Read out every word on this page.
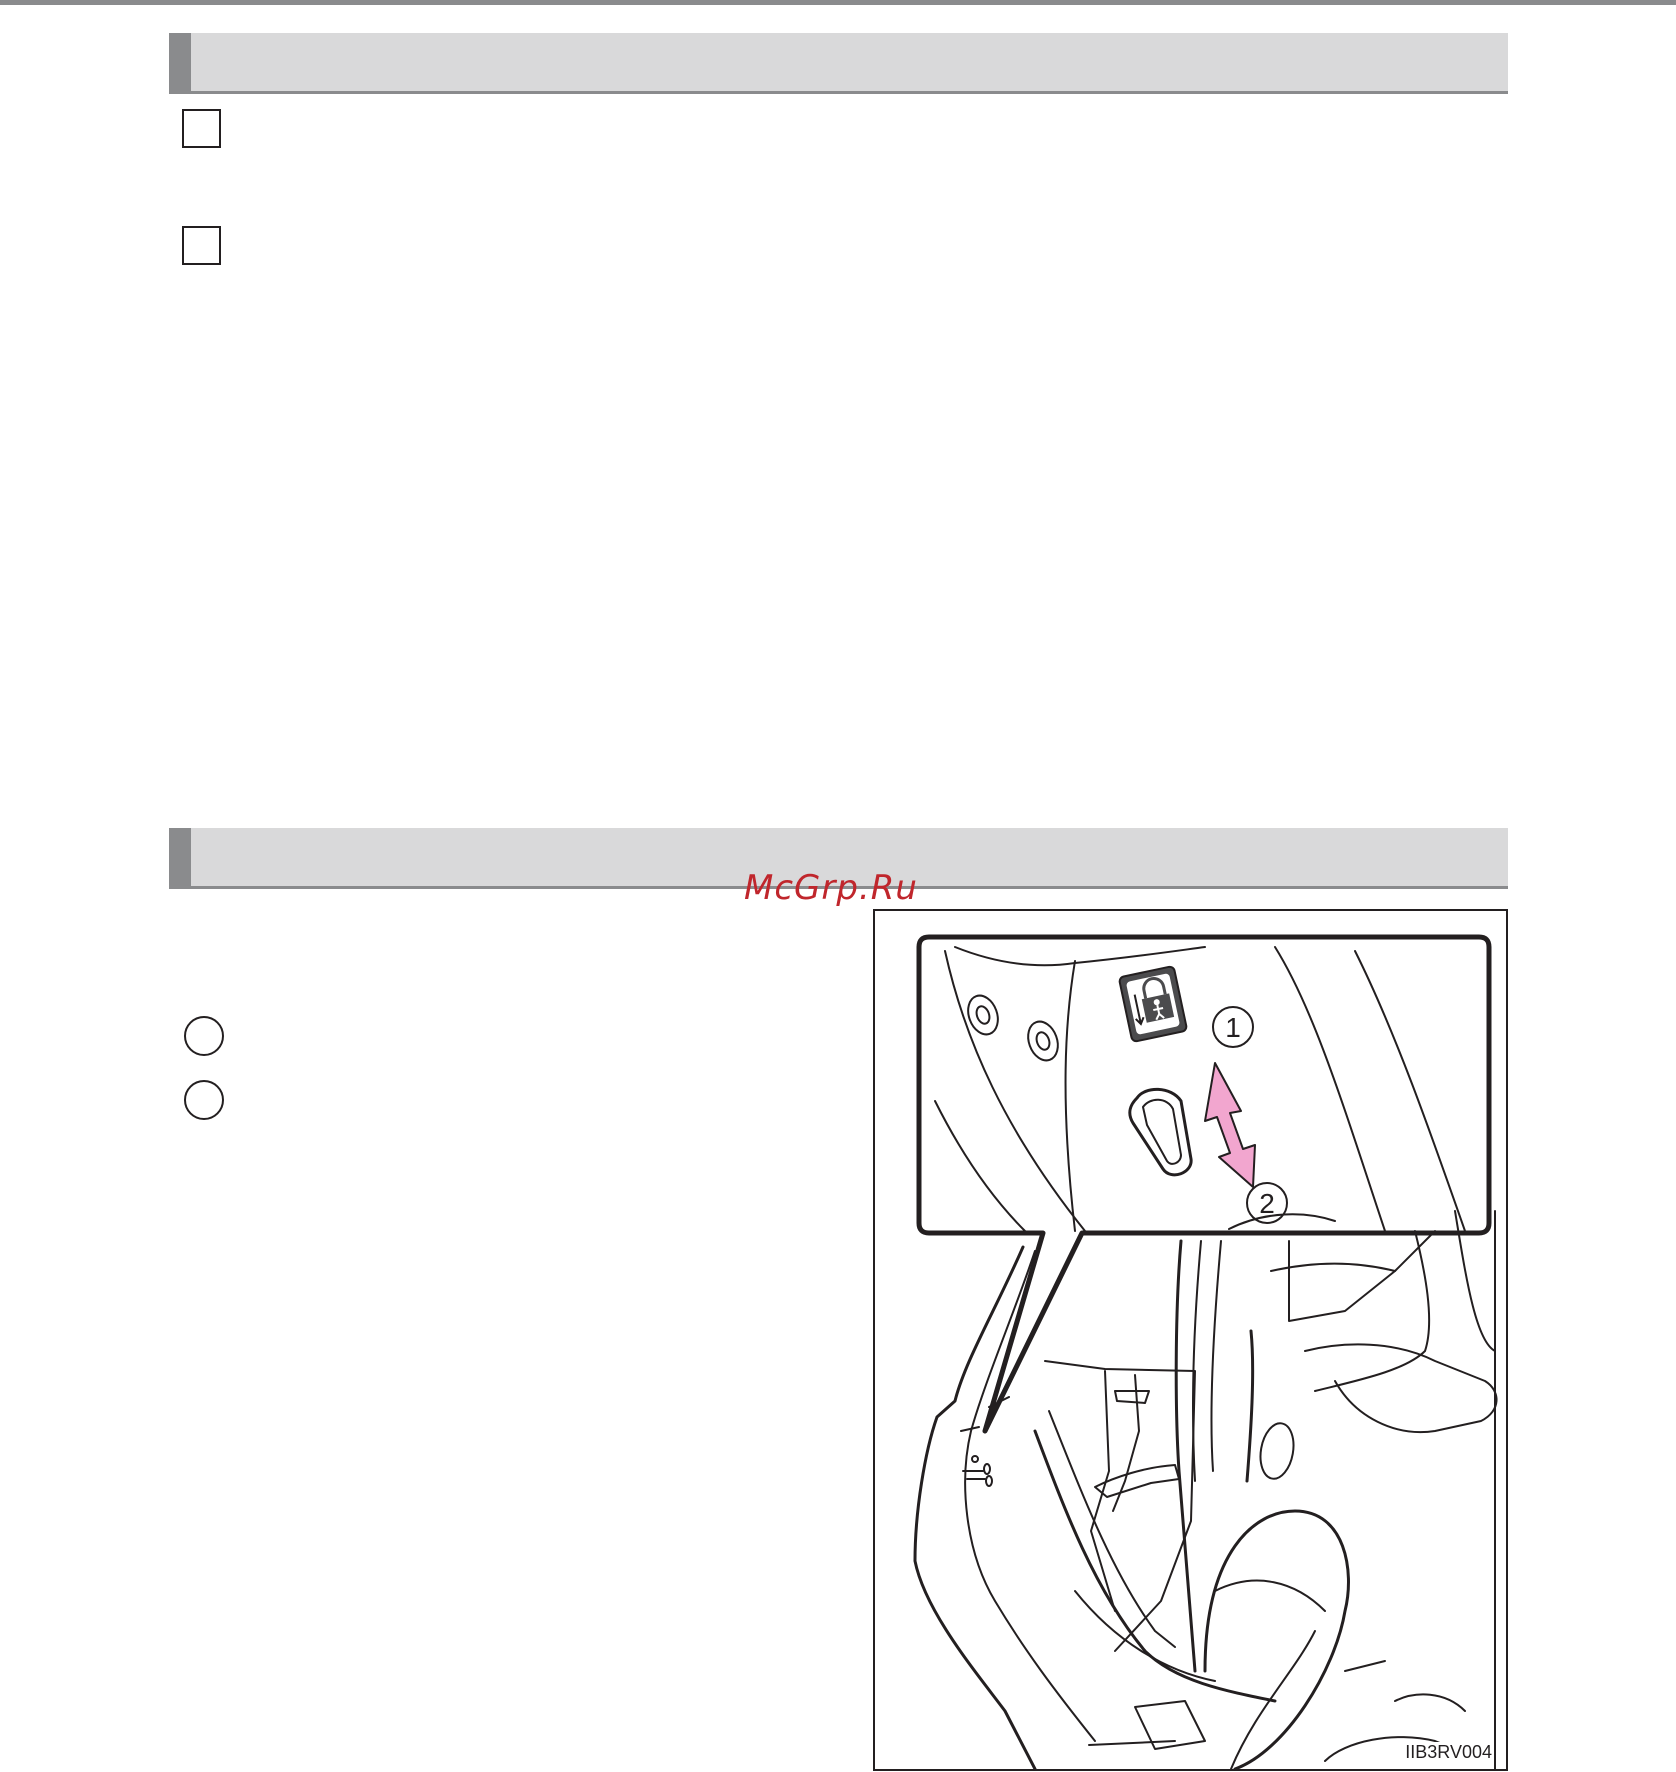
McGrp.Ru
1
2
IIB3RV004
